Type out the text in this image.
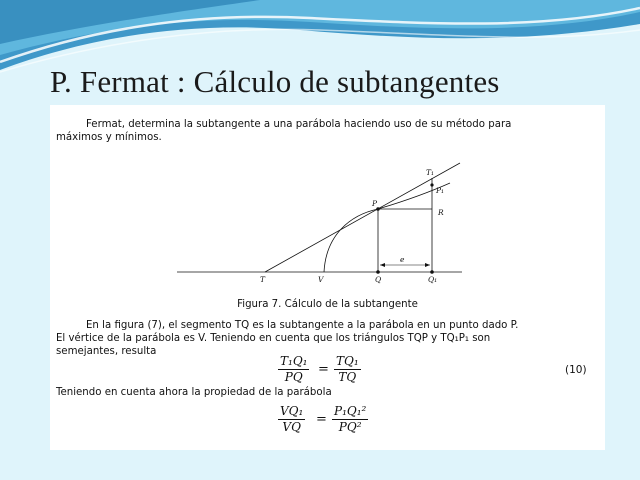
P. Fermat : Cálculo de subtangentes
Fermat, determina la subtangente a una parábola haciendo uso de su método para
máximos y mínimos.
T₁
P₁
P
R
e
T	V	Q	Q₁
Figura 7. Cálculo de la subtangente
En la figura (7), el segmento TQ es la subtangente a la parábola en un punto dado P.
El vértice de la parábola es V. Teniendo en cuenta que los triángulos TQP y TQ₁P₁ son
semejantes, resulta
$\frac{\text{T₁Q₁}}{PQ} = \frac{\text{TQ₁}}{TQ}$	(10)
Teniendo en cuenta ahora la propiedad de la parábola
$\frac{\text{VQ₁}}{VQ} = \frac{\text{P₁Q₁²}}{\text{PQ²}}$
